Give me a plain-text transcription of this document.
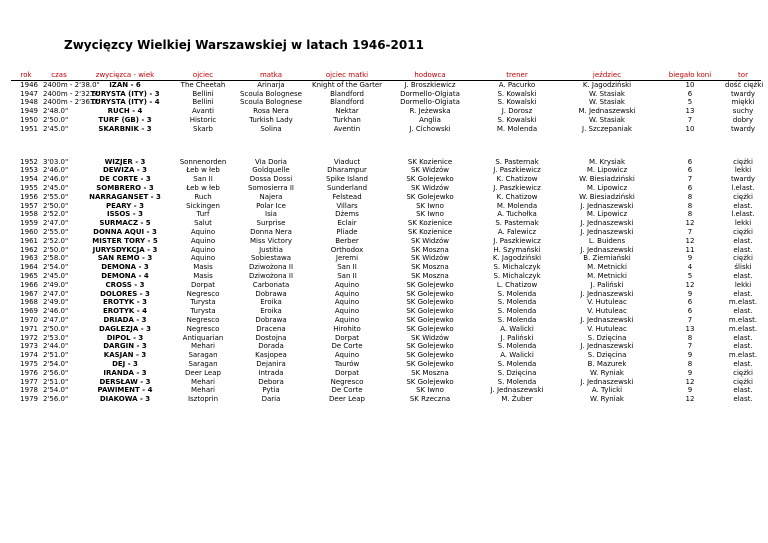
Zwycięzcy Wielkiej Warszawskiej w latach 1946-2011
rok	czas	zwycięzca - wiek	ojciec	matka	ojciec matki	hodowca	trener	jeździec	biegało koni	tor
1946	2400m - 2'38.0"	IZAN - 6	The Cheetah	Arinarja	Knight of the Garter	J. Broszkiewicz	A. Pacurko	K. Jagodziński	10	dość ciężki
1947	2400m - 2'32.5"	TURYSTA (ITY) - 3	Bellini	Scoula Bolognese	Blandford	Dormello-Olgiata	S. Kowalski	W. Stasiak	6	twardy
1948	2400m - 2'36.0"	TURYSTA (ITY) - 4	Bellini	Scoula Bolognese	Blandford	Dormello-Olgiata	S. Kowalski	W. Stasiak	5	miękki
1949	2'48.0"	RUCH - 4	Avanti	Rosa Nera	Nektar	R. Jeżewska	J. Dorosz	M. Jednaszewski	13	suchy
1950	2'50.0"	TURF (GB) - 3	Historic	Turkish Lady	Turkhan	Anglia	S. Kowalski	W. Stasiak	7	dobry
1951	2'45.0"	SKARBNIK - 3	Skarb	Solina	Aventin	J. Cichowski	M. Molenda	J. Szczepaniak	10	twardy

1952	3'03.0"	WIZJER - 3	Sonnenorden	Via Doria	Viaduct	SK Kozienice	S. Pasternak	M. Krysiak	6	ciężki
1953	2'46.0"	DEWIZA - 3	Łeb w łeb	Goldquelle	Dharampur	SK Widzów	J. Paszkiewicz	M. Lipowicz	6	lekki
1954	2'46.0"	DE CORTE - 3	San II	Dossa Dossi	Spike Island	SK Golejewko	K. Chatizow	W. Biesiadziński	7	twardy
1955	2'45.0"	SOMBRERO - 3	Łeb w łeb	Somosierra II	Sunderland	SK Widzów	J. Paszkiewicz	M. Lipowicz	6	l.elast.
1956	2'55.0"	NARRAGANSET - 3	Ruch	Najera	Felstead	SK Golejewko	K. Chatizow	W. Biesiadziński	8	ciężki
1957	2'50.0"	PEARY - 3	Sickingen	Polar Ice	Villars	SK Iwno	M. Molenda	J. Jednaszewski	8	elast.
1958	2'52.0"	ISSOS - 3	Turf	Isia	Dżems	SK Iwno	A. Tuchołka	M. Lipowicz	8	l.elast.
1959	2'47.0"	SURMACZ - 5	Salut	Surprise	Eclair	SK Kozienice	S. Pasternak	J. Jednaszewski	12	lekki
1960	2'55.0"	DONNA AQUI - 3	Aquino	Donna Nera	Pliade	SK Kozienice	A. Falewicz	J. Jednaszewski	7	ciężki
1961	2'52.0"	MISTER TORY - 5	Aquino	Miss Victory	Berber	SK Widzów	J. Paszkiewicz	L. Buidens	12	elast.
1962	2'50.0"	JURYSDYKCJA - 3	Aquino	Justitia	Orthodox	SK Moszna	H. Szymański	J. Jednaszewski	11	elast.
1963	2'58.0"	SAN REMO - 3	Aquino	Sobiestawa	Jeremi	SK Widzów	K. Jagodziński	B. Ziemiański	9	ciężki
1964	2'54.0"	DEMONA - 3	Masis	Dziwożona II	San II	SK Moszna	S. Michalczyk	M. Metnicki	4	śliski
1965	2'45.0"	DEMONA - 4	Masis	Dziwożona II	San II	SK Moszna	S. Michalczyk	M. Metnicki	5	elast.
1966	2'49.0"	CROSS - 3	Dorpat	Carbonata	Aquino	SK Golejewko	L. Chatizow	J. Paliński	12	lekki
1967	2'47.0"	DOLORES - 3	Negresco	Dobrawa	Aquino	SK Golejewko	S. Molenda	J. Jednaszewski	9	elast.
1968	2'49.0"	EROTYK - 3	Turysta	Eroika	Aquino	SK Golejewko	S. Molenda	V. Hutuleac	6	m.elast.
1969	2'46.0"	EROTYK - 4	Turysta	Eroika	Aquino	SK Golejewko	S. Molenda	V. Hutuleac	6	elast.
1970	2'47.0"	DRIADA - 3	Negresco	Dobrawa	Aquino	SK Golejewko	S. Molenda	J. Jednaszewski	7	m.elast.
1971	2'50.0"	DAGLEZJA - 3	Negresco	Dracena	Hirohito	SK Golejewko	A. Walicki	V. Hutuleac	13	m.elast.
1972	2'53.0"	DIPOL - 3	Antiquarian	Dostojna	Dorpat	SK Widzów	J. Paliński	S. Dzięcina	8	elast.
1973	2'44.0"	DARGIN - 3	Mehari	Dorada	De Corte	SK Golejewko	S. Molenda	J. Jednaszewski	7	elast.
1974	2'51.0"	KASJAN - 3	Saragan	Kasjopea	Aquino	SK Golejewko	A. Walicki	S. Dzięcina	9	m.elast.
1975	2'54.0"	DEJ - 3	Saragan	Dejanira	Taurów	SK Golejewko	S. Molenda	B. Mazurek	8	elast.
1976	2'56.0"	IRANDA - 3	Deer Leap	Intrada	Dorpat	SK Moszna	S. Dzięcina	W. Ryniak	9	ciężki
1977	2'51.0"	DERSŁAW - 3	Mehari	Debora	Negresco	SK Golejewko	S. Molenda	J. Jednaszewski	12	ciężki
1978	2'54.0"	PAWIMENT - 4	Mehari	Pytia	De Corte	SK Iwno	J. Jednaszewski	A. Tylicki	9	elast.
1979	2'56.0"	DIAKOWA - 3	Isztoprin	Daria	Deer Leap	SK Rzeczna	M. Żuber	W. Ryniak	12	elast.
